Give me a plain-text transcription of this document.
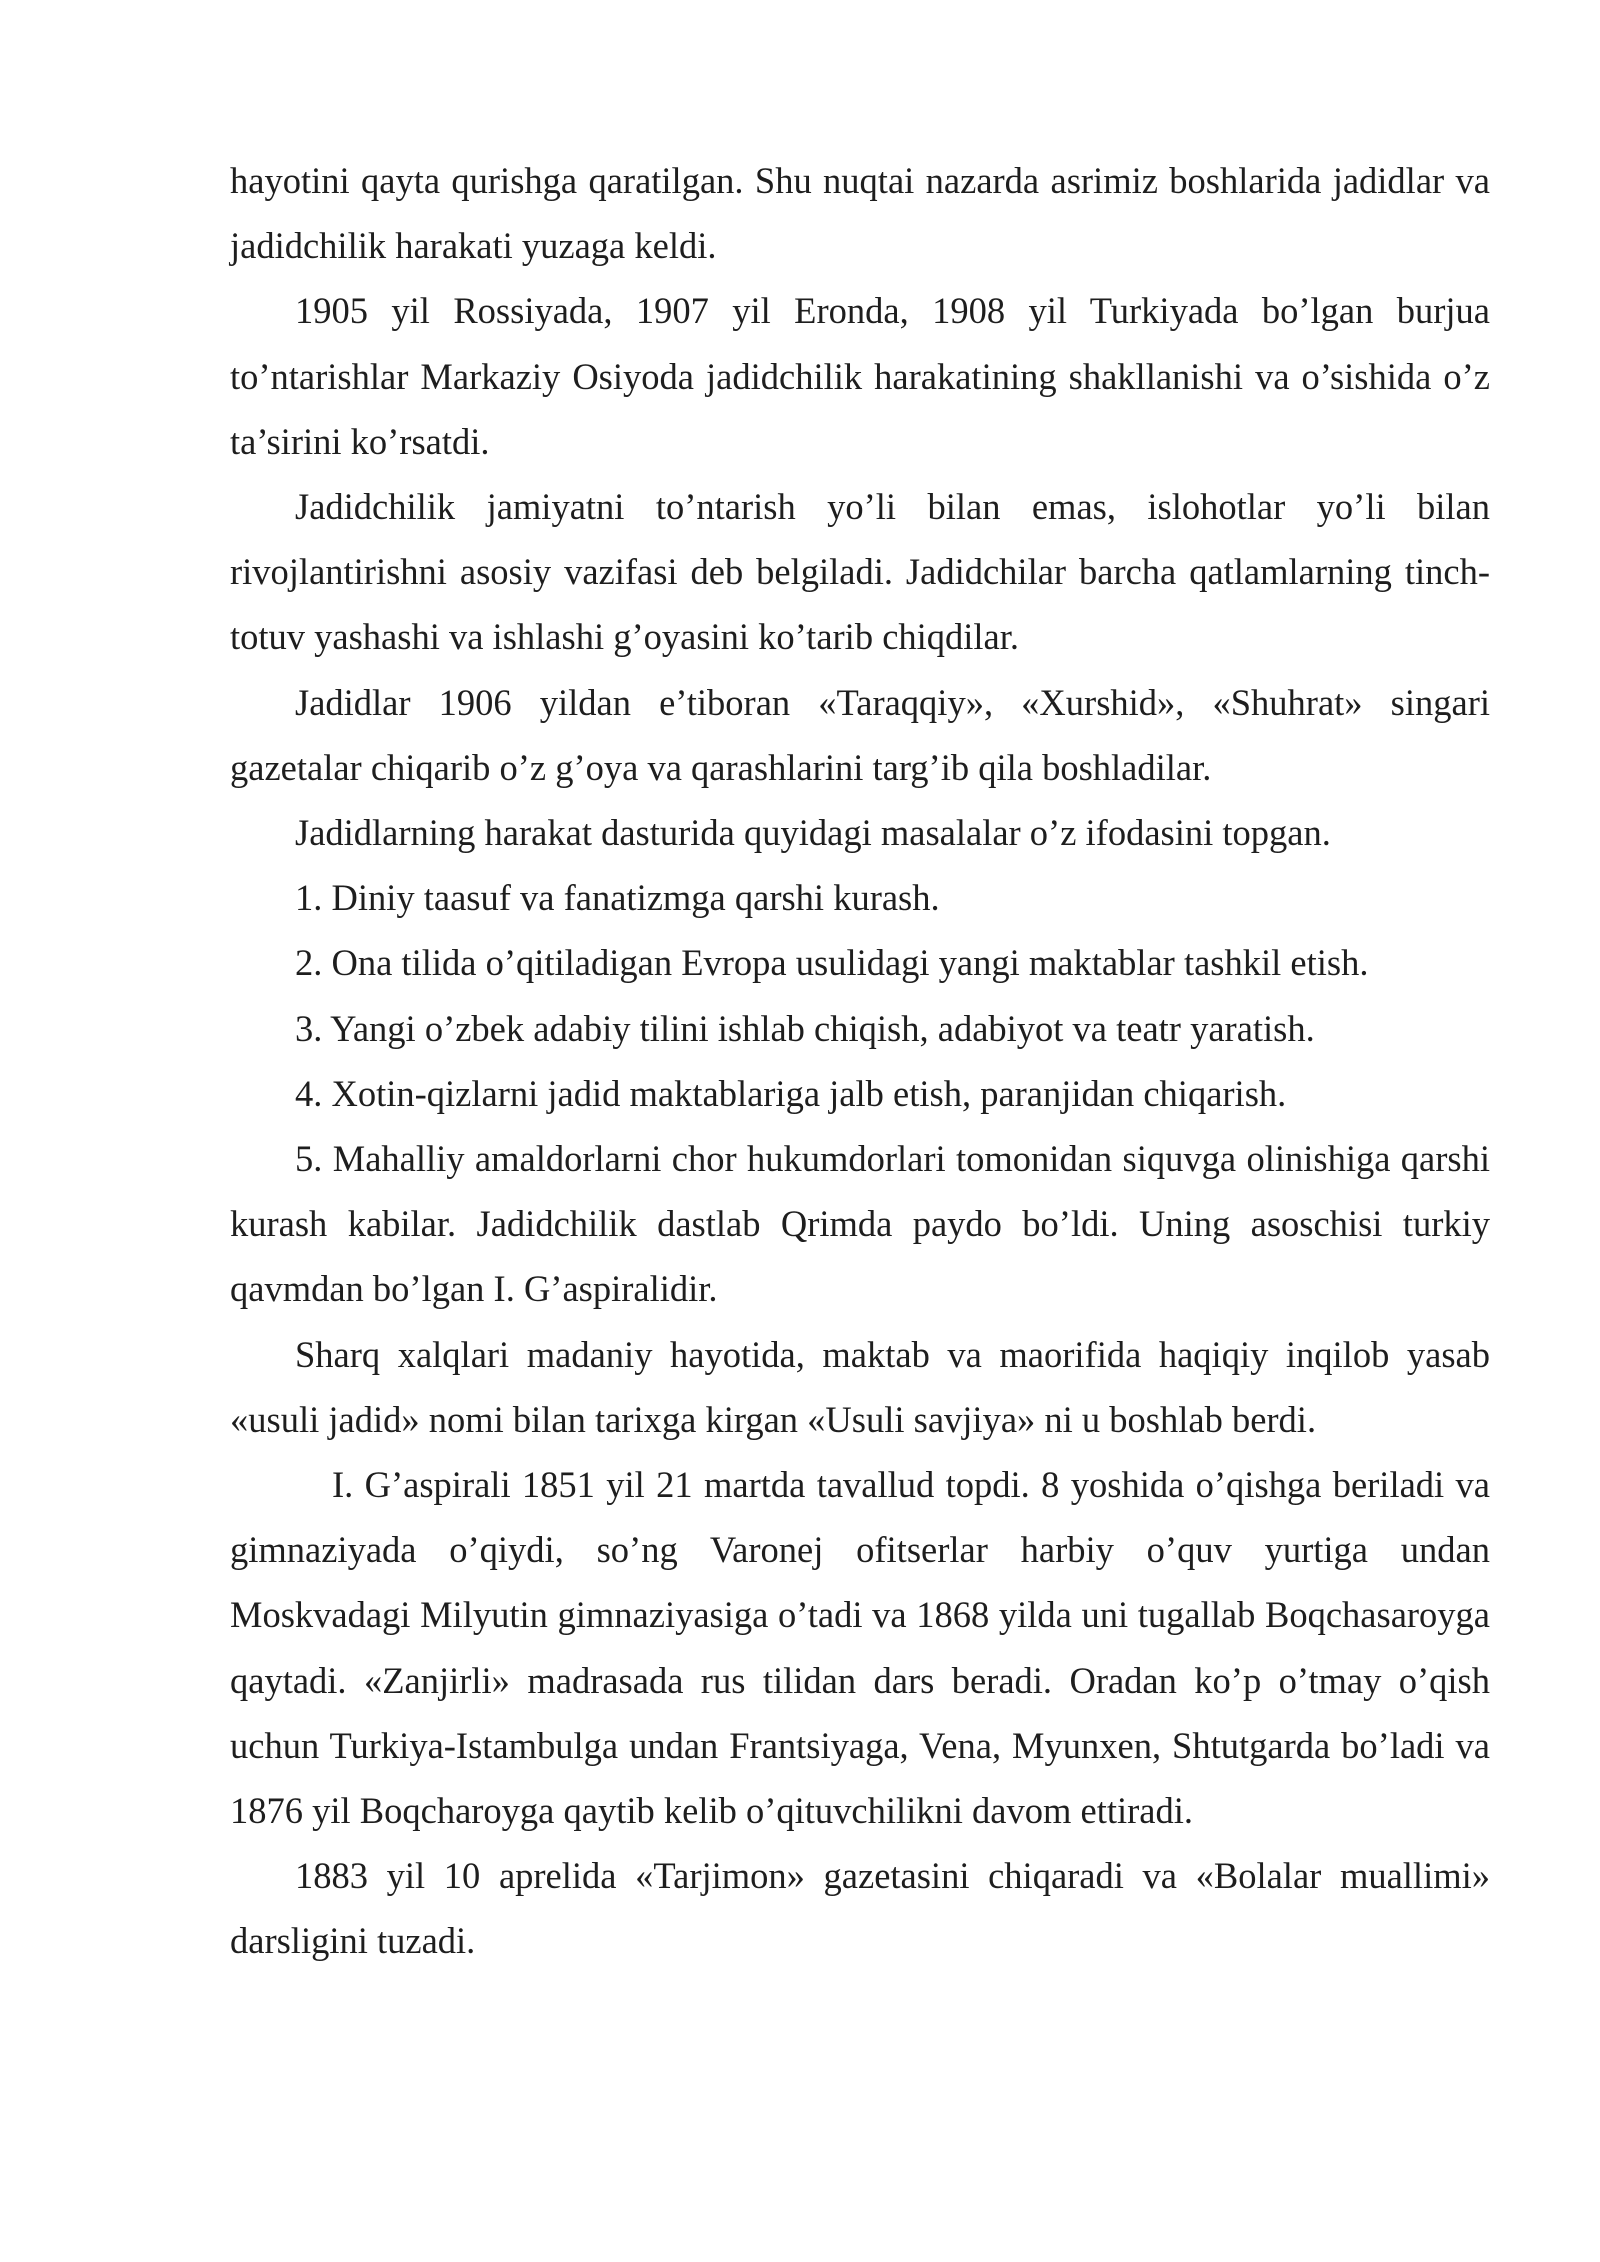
hayotini qayta qurishga qaratilgan. Shu nuqtai nazarda asrimiz boshlarida jadidlar va jadidchilik harakati yuzaga keldi.

1905 yil Rossiyada, 1907 yil Eronda, 1908 yil Turkiyada bo’lgan burjua to’ntarishlar Markaziy Osiyoda jadidchilik harakatining shakllanishi va o’sishida o’z ta’sirini ko’rsatdi.

Jadidchilik jamiyatni to’ntarish yo’li bilan emas, islohotlar yo’li bilan rivojlantirishni asosiy vazifasi deb belgiladi. Jadidchilar barcha qatlamlarning tinch-totuv yashashi va ishlashi g’oyasini ko’tarib chiqdilar.

Jadidlar 1906 yildan e’tiboran «Taraqqiy», «Xurshid», «Shuhrat» singari gazetalar chiqarib o’z g’oya va qarashlarini targ’ib qila boshladilar.

Jadidlarning harakat dasturida quyidagi masalalar o’z ifodasini topgan.

1. Diniy taasuf va fanatizmga qarshi kurash.

2. Ona tilida o’qitiladigan Evropa usulidagi yangi maktablar tashkil etish.

3. Yangi o’zbek adabiy tilini ishlab chiqish, adabiyot va teatr yaratish.

4. Xotin-qizlarni jadid maktablariga jalb etish, paranjidan chiqarish.

5. Mahalliy amaldorlarni chor hukumdorlari tomonidan siquvga olinishiga qarshi kurash kabilar. Jadidchilik dastlab Qrimda paydo bo’ldi. Uning asoschisi turkiy qavmdan bo’lgan I. G’aspiralidir.

Sharq xalqlari madaniy hayotida, maktab va maorifida haqiqiy inqilob yasab «usuli jadid» nomi bilan tarixga kirgan «Usuli savjiya» ni u boshlab berdi.

I. G’aspirali 1851 yil 21 martda tavallud topdi. 8 yoshida o’qishga beriladi va gimnaziyada o’qiydi, so’ng Varonej ofitserlar harbiy o’quv yurtiga undan Moskvadagi Milyutin gimnaziyasiga o’tadi va 1868 yilda uni tugallab Boqchasaroyga qaytadi. «Zanjirli» madrasada rus tilidan dars beradi. Oradan ko’p o’tmay o’qish uchun Turkiya-Istambulga undan Frantsiyaga, Vena, Myunxen, Shtutgarda bo’ladi va 1876 yil Boqcharoyga qaytib kelib o’qituvchilikni davom ettiradi.

1883 yil 10 aprelida «Tarjimon» gazetasini chiqaradi va «Bolalar muallimi» darsligini tuzadi.
